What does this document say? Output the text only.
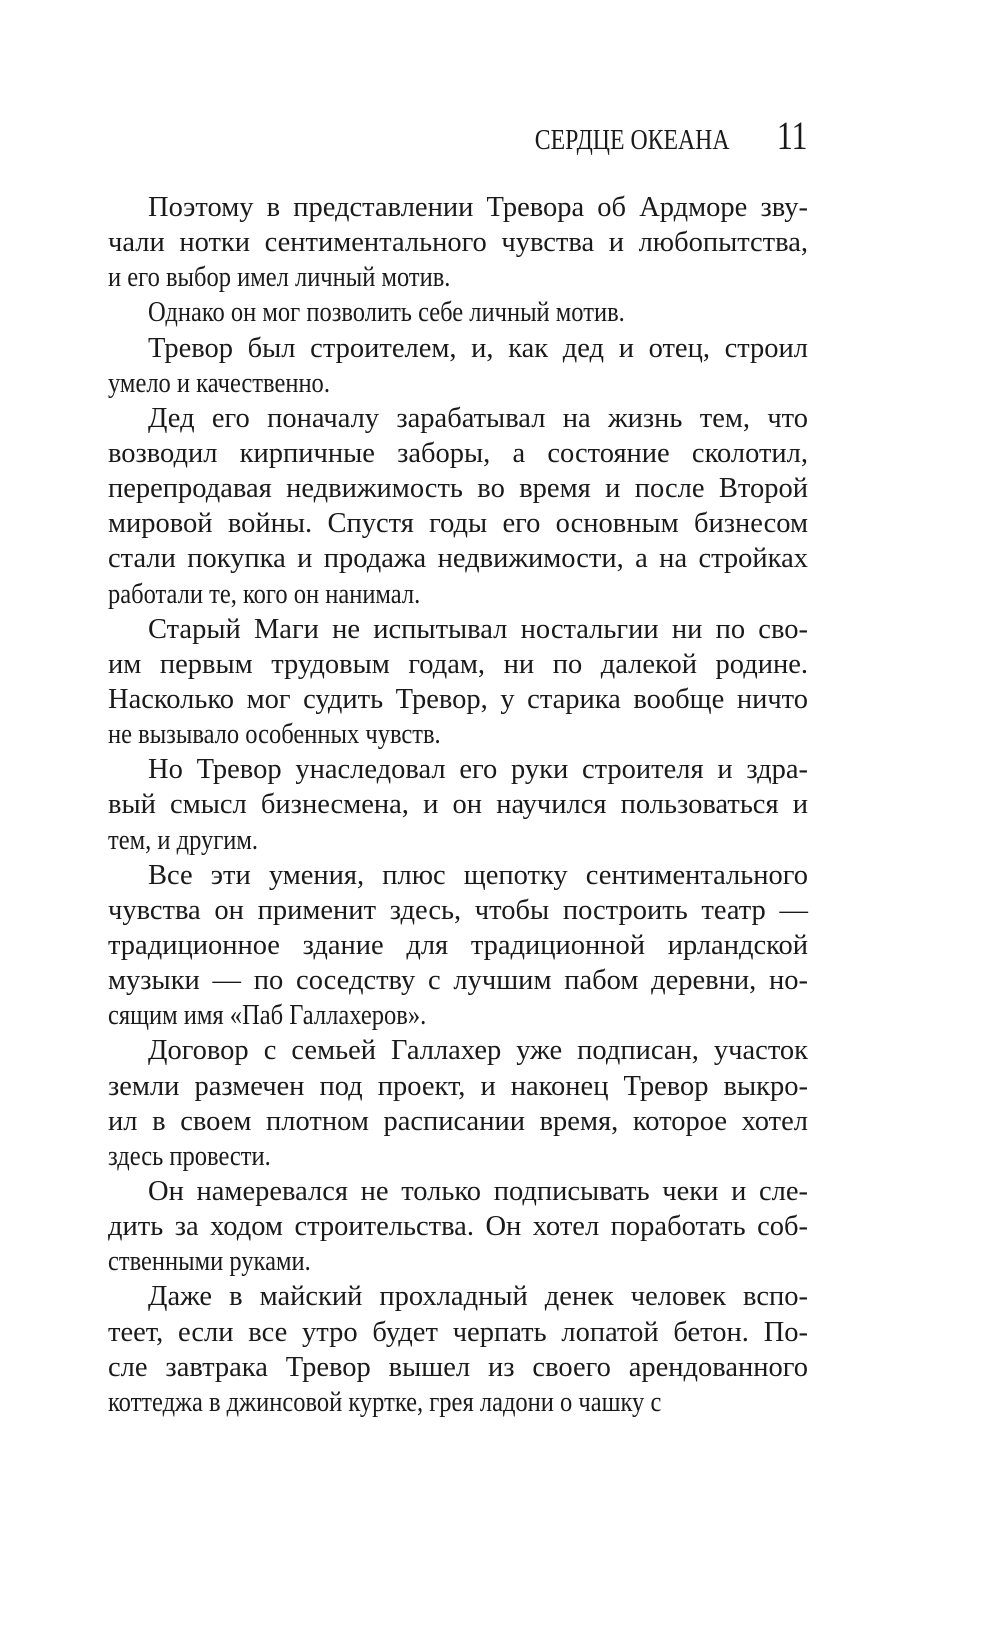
СЕРДЦЕ ОКЕАНА 11
Поэтому в представлении Тревора об Ардморе зву-
чали нотки сентиментального чувства и любопытства,
и его выбор имел личный мотив.
Однако он мог позволить себе личный мотив.
Тревор был строителем, и, как дед и отец, строил
умело и качественно.
Дед его поначалу зарабатывал на жизнь тем, что
возводил кирпичные заборы, а состояние сколотил,
перепродавая недвижимость во время и после Второй
мировой войны. Спустя годы его основным бизнесом
стали покупка и продажа недвижимости, а на стройках
работали те, кого он нанимал.
Старый Маги не испытывал ностальгии ни по сво-
им первым трудовым годам, ни по далекой родине.
Насколько мог судить Тревор, у старика вообще ничто
не вызывало особенных чувств.
Но Тревор унаследовал его руки строителя и здра-
вый смысл бизнесмена, и он научился пользоваться и
тем, и другим.
Все эти умения, плюс щепотку сентиментального
чувства он применит здесь, чтобы построить театр —
традиционное здание для традиционной ирландской
музыки — по соседству с лучшим пабом деревни, но-
сящим имя «Паб Галлахеров».
Договор с семьей Галлахер уже подписан, участок
земли размечен под проект, и наконец Тревор выкро-
ил в своем плотном расписании время, которое хотел
здесь провести.
Он намеревался не только подписывать чеки и сле-
дить за ходом строительства. Он хотел поработать соб-
ственными руками.
Даже в майский прохладный денек человек вспо-
теет, если все утро будет черпать лопатой бетон. По-
сле завтрака Тревор вышел из своего арендованного
коттеджа в джинсовой куртке, грея ладони о чашку с
